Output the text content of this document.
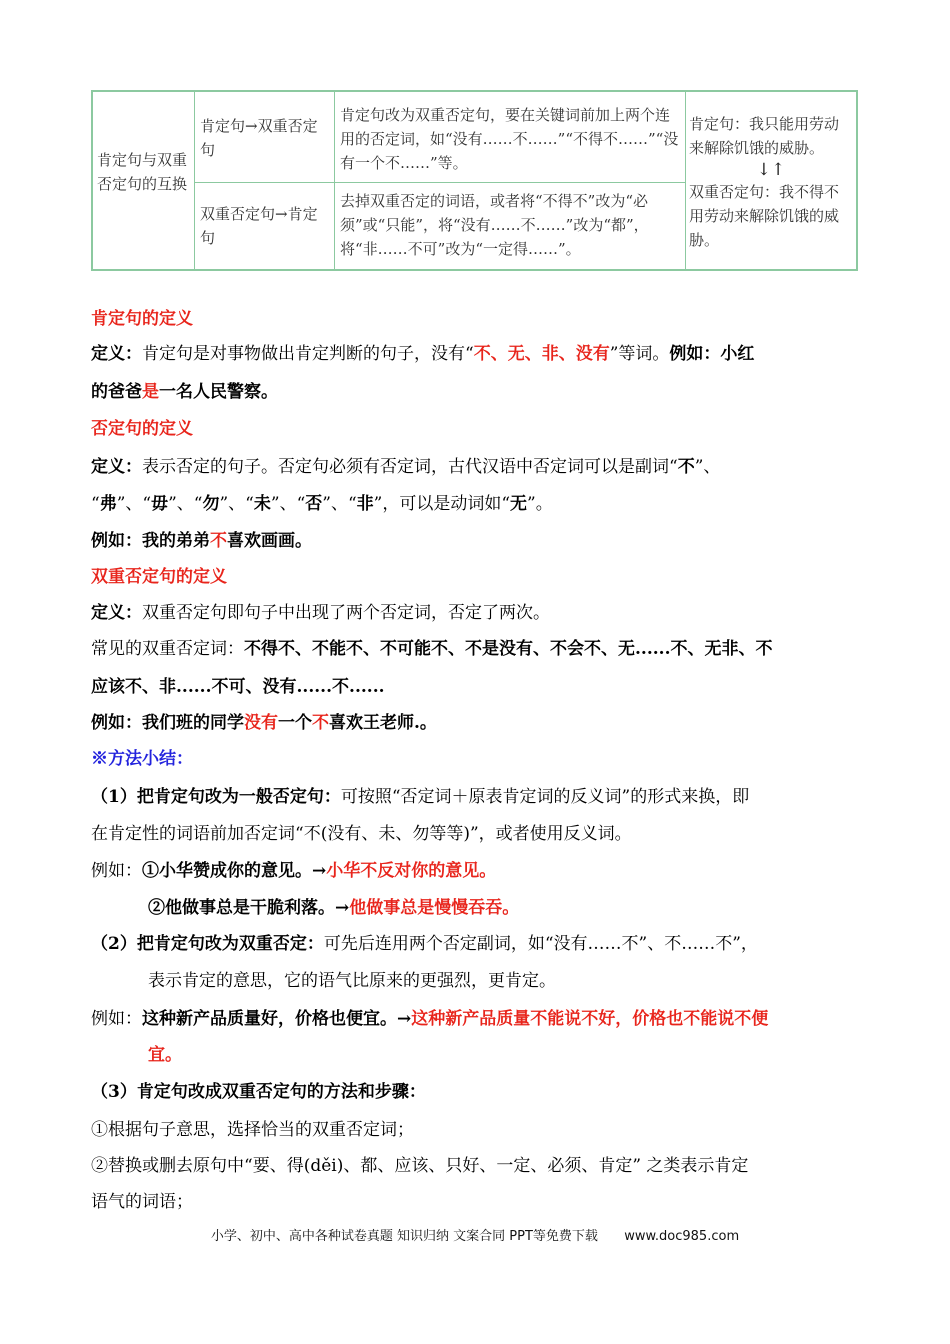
肯定句与双重否定句的互换
肯定句→双重否定句
双重否定句→肯定句
肯定句改为双重否定句，要在关键词前加上两个连用的否定词，如“没有……不……”“不得不……”“没有一个不……”等。
去掉双重否定的词语，或者将“不得不”改为“必须”或“只能”，将“没有……不……”改为“都”，将“非……不可”改为“一定得……”。
肯定句：我只能用劳动来解除饥饿的威胁。
↓↑
双重否定句：我不得不用劳动来解除饥饿的威胁。
肯定句的定义
定义：肯定句是对事物做出肯定判断的句子，没有“不、无、非、没有”等词。例如：小红
的爸爸是一名人民警察。
否定句的定义
定义：表示否定的句子。否定句必须有否定词，古代汉语中否定词可以是副词“不”、
“弗”、“毋”、“勿”、“未”、“否”、“非”，可以是动词如“无”。
例如：我的弟弟不喜欢画画。
双重否定句的定义
定义：双重否定句即句子中出现了两个否定词，否定了两次。
常见的双重否定词：不得不、不能不、不可能不、不是没有、不会不、无......不、无非、不
应该不、非......不可、没有......不......
例如：我们班的同学没有一个不喜欢王老师.。
※方法小结：
（1）把肯定句改为一般否定句：可按照“否定词＋原表肯定词的反义词”的形式来换，即
在肯定性的词语前加否定词“不(没有、未、勿等等)”，或者使用反义词。
例如：①小华赞成你的意见。→小华不反对你的意见。
②他做事总是干脆利落。→他做事总是慢慢吞吞。
（2）把肯定句改为双重否定：可先后连用两个否定副词，如“没有……不”、不……不”，
表示肯定的意思，它的语气比原来的更强烈，更肯定。
例如：这种新产品质量好，价格也便宜。→这种新产品质量不能说不好，价格也不能说不便
宜。
（3）肯定句改成双重否定句的方法和步骤：
①根据句子意思，选择恰当的双重否定词；
②替换或删去原句中“要、得(děi)、都、应该、只好、一定、必须、肯定” 之类表示肯定
语气的词语；
小学、初中、高中各种试卷真题 知识归纳 文案合同 PPT等免费下载 www.doc985.com
